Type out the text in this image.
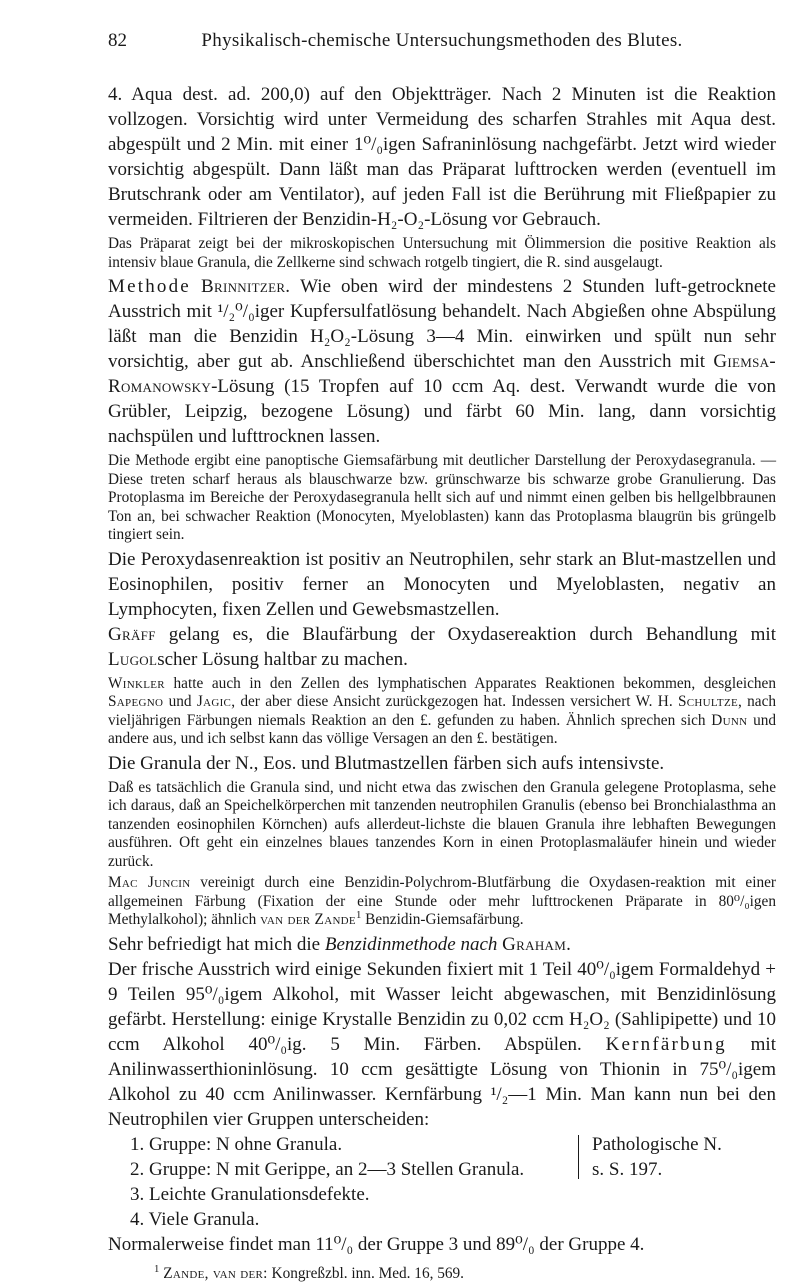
82	Physikalisch-chemische Untersuchungsmethoden des Blutes.

4. Aqua dest. ad. 200,0) auf den Objektträger. Nach 2 Minuten ist die Reaktion vollzogen. Vorsichtig wird unter Vermeidung des scharfen Strahles mit Aqua dest. abgespült und 2 Min. mit einer 1⁰/₀igen Safraninlösung nachgefärbt. Jetzt wird wieder vorsichtig abgespült. Dann läßt man das Präparat lufttrocken werden (eventuell im Brutschrank oder am Ventilator), auf jeden Fall ist die Berührung mit Fließpapier zu vermeiden. Filtrieren der Benzidin-H₂-O₂-Lösung vor Gebrauch.

Das Präparat zeigt bei der mikroskopischen Untersuchung mit Ölimmersion die positive Reaktion als intensiv blaue Granula, die Zellkerne sind schwach rotgelb tingiert, die R. sind ausgelaugt.

Methode Brinnitzer. Wie oben wird der mindestens 2 Stunden luft-getrocknete Ausstrich mit ¹/₂⁰/₀iger Kupfersulfatlösung behandelt. Nach Abgießen ohne Abspülung läßt man die Benzidin H₂O₂-Lösung 3—4 Min. einwirken und spült nun sehr vorsichtig, aber gut ab. Anschließend überschichtet man den Ausstrich mit Giemsa-Romanowsky-Lösung (15 Tropfen auf 10 ccm Aq. dest. Verwandt wurde die von Grübler, Leipzig, bezogene Lösung) und färbt 60 Min. lang, dann vorsichtig nachspülen und lufttrocknen lassen.

Die Methode ergibt eine panoptische Giemsafärbung mit deutlicher Darstellung der Peroxydasegranula. — Diese treten scharf heraus als blauschwarze bzw. grünschwarze bis schwarze grobe Granulierung. Das Protoplasma im Bereiche der Peroxydasegranula hellt sich auf und nimmt einen gelben bis hellgelbbraunen Ton an, bei schwacher Reaktion (Monocyten, Myeloblasten) kann das Protoplasma blaugrün bis grüngelb tingiert sein.

Die Peroxydasenreaktion ist positiv an Neutrophilen, sehr stark an Blut-mastzellen und Eosinophilen, positiv ferner an Monocyten und Myeloblasten, negativ an Lymphocyten, fixen Zellen und Gewebsmastzellen.

Gräff gelang es, die Blaufärbung der Oxydasereaktion durch Behandlung mit Lugolscher Lösung haltbar zu machen.

Winkler hatte auch in den Zellen des lymphatischen Apparates Reaktionen bekommen, desgleichen Sapegno und Jagic, der aber diese Ansicht zurückgezogen hat. Indessen versichert W. H. Schultze, nach vieljährigen Färbungen niemals Reaktion an den £. gefunden zu haben. Ähnlich sprechen sich Dunn und andere aus, und ich selbst kann das völlige Versagen an den £. bestätigen.

Die Granula der N., Eos. und Blutmastzellen färben sich aufs intensivste.

Daß es tatsächlich die Granula sind, und nicht etwa das zwischen den Granula gelegene Protoplasma, sehe ich daraus, daß an Speichelkörperchen mit tanzenden neutrophilen Granulis (ebenso bei Bronchialasthma an tanzenden eosinophilen Körnchen) aufs allerdeut-lichste die blauen Granula ihre lebhaften Bewegungen ausführen. Oft geht ein einzelnes blaues tanzendes Korn in einen Protoplasmaläufer hinein und wieder zurück.

Mac Juncin vereinigt durch eine Benzidin-Polychrom-Blutfärbung die Oxydasen-reaktion mit einer allgemeinen Färbung (Fixation der eine Stunde oder mehr lufttrockenen Präparate in 80⁰/₀igen Methylalkohol); ähnlich van der Zande$^1$ Benzidin-Giemsafärbung.

Sehr befriedigt hat mich die Benzidinmethode nach Graham.

Der frische Ausstrich wird einige Sekunden fixiert mit 1 Teil 40⁰/₀igem Formaldehyd + 9 Teilen 95⁰/₀igem Alkohol, mit Wasser leicht abgewaschen, mit Benzidinlösung gefärbt. Herstellung: einige Krystalle Benzidin zu 0,02 ccm H₂O₂ (Sahlipipette) und 10 ccm Alkohol 40⁰/₀ig. 5 Min. Färben. Abspülen. Kernfärbung mit Anilinwasserthioninlösung. 10 ccm gesättigte Lösung von Thionin in 75⁰/₀igem Alkohol zu 40 ccm Anilinwasser. Kernfärbung ¹/₂—1 Min. Man kann nun bei den Neutrophilen vier Gruppen unterscheiden:

1. Gruppe: N ohne Granula.

2. Gruppe: N mit Gerippe, an 2—3 Stellen Granula.

Pathologische N.
s. S. 197.

3. Leichte Granulationsdefekte.

4. Viele Granula.

Normalerweise findet man 11⁰/₀ der Gruppe 3 und 89⁰/₀ der Gruppe 4.

$^1$ Zande, van der: Kongreßzbl. inn. Med. 16, 569.
